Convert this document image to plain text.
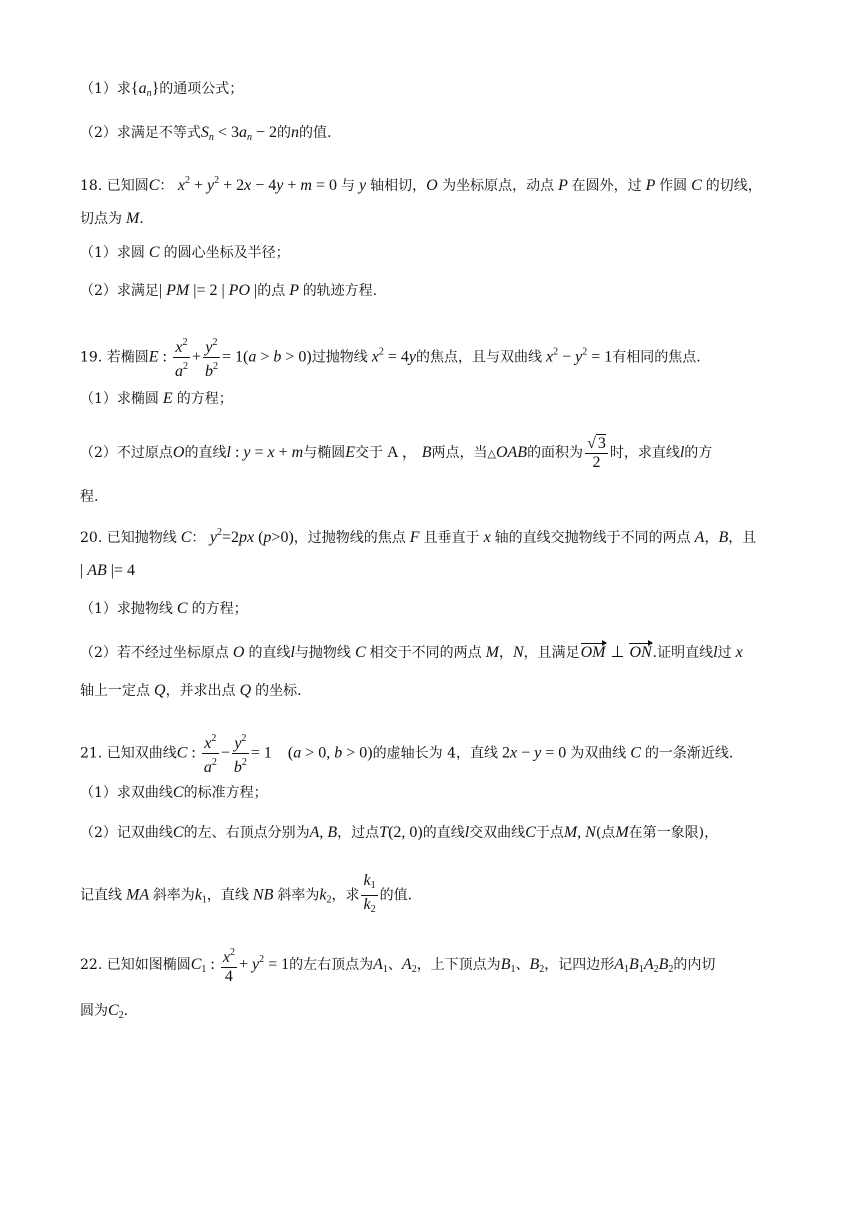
（1）求$\{a_n\}$的通项公式；
（2）求满足不等式$S_n < 3a_n - 2$的n的值.
18. 已知圆C： $x^2 + y^2 + 2x - 4y + m = 0$ 与 y 轴相切，O 为坐标原点，动点 P 在圆外，过 P 作圆 C 的切线，
切点为 M.
（1）求圆 C 的圆心坐标及半径；
（2）求满足| PM |= 2 | PO |的点 P 的轨迹方程.
19. 若椭圆E : $\frac{x^2}{a^2} + \frac{y^2}{b^2} = 1(a > b > 0)$过抛物线 $x^2 = 4y$的焦点，且与双曲线 $x^2 - y^2 = 1$有相同的焦点.
（1）求椭圆 E 的方程；
（2）不过原点O的直线l : y = x + m与椭圆E交于 A ， B两点，当△OAB的面积为 $\frac{√ 3}{2}$ 时，求直线l的方
程.
20. 已知抛物线 C： $y^2=2px$ (p>0)，过抛物线的焦点 F 且垂直于 x 轴的直线交抛物线于不同的两点 A，B，且
| AB |= 4
（1）求抛物线 C 的方程；
（2）若不经过坐标原点 O 的直线l与抛物线 C 相交于不同的两点 M，N，且满足OM ⊥ ON.证明直线l过 x
轴上一定点 Q，并求出点 Q 的坐标.
21. 已知双曲线C : $\frac{x^2}{a^2} - \frac{y^2}{b^2} = 1$    (a > 0, b > 0)的虚轴长为 4，直线 2x − y = 0 为双曲线 C 的一条渐近线.
（1）求双曲线C的标准方程；
（2）记双曲线C的左、右顶点分别为A, B，过点T(2, 0)的直线l交双曲线C于点M, N(点M在第一象限)，
记直线 MA 斜率为$k_1$，直线 NB 斜率为$k_2$，求 $\frac{k_1}{k_2}$ 的值.
22. 已知如图椭圆$C_1$ : $\frac{x^2}{4} + y^2 = 1$的左右顶点为$A_1$、$A_2$，上下顶点为$B_1$、$B_2$，记四边形$A_1B_1A_2B_2$的内切
圆为$C_2$.
